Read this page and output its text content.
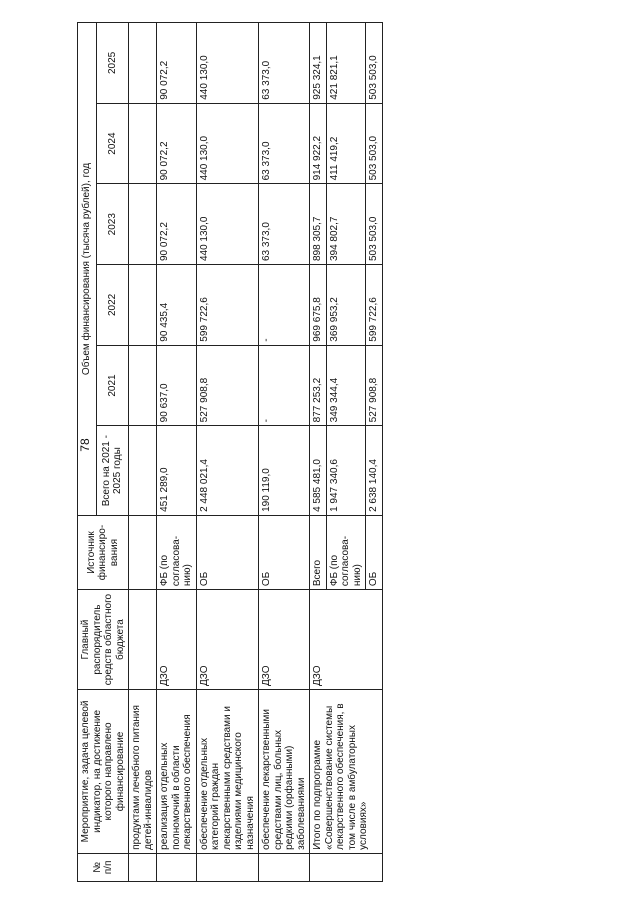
78
№ п/п	Мероприятие, задача целевой индикатор, на достижение которого направлено финансирование	Главный распорядитель средств областного бюджета	Источник финансиро-вания	Объем финансирования (тысяча рублей), год					
				Всего на 2021 - 2025 годы	2021	2022	2023	2024	2025
	продуктами лечебного питания детей-инвалидов								
	реализация отдельных полномочий в области лекарственного обеспечения	ДЗО	ФБ (по согласова-нию)	451 289,0	90 637,0	90 435,4	90 072,2	90 072,2	90 072,2
	обеспечение отдельных категорий граждан лекарственными средствами и изделиями медицинского назначения	ДЗО	ОБ	2 448 021,4	527 908,8	599 722,6	440 130,0	440 130,0	440 130,0
	обеспечение лекарственными средствами лиц, больных редкими (орфанными) заболеваниями	ДЗО	ОБ	190 119,0	-	-	63 373,0	63 373,0	63 373,0
	Итого по подпрограмме «Совершенствование системы лекарственного обеспечения, в том числе в амбулаторных условиях»	ДЗО	Всего	4 585 481,0	877 253,2	969 675,8	898 305,7	914 922,2	925 324,1
			ФБ (по согласова-нию)	1 947 340,6	349 344,4	369 953,2	394 802,7	411 419,2	421 821,1
			ОБ	2 638 140,4	527 908,8	599 722,6	503 503,0	503 503,0	503 503,0
